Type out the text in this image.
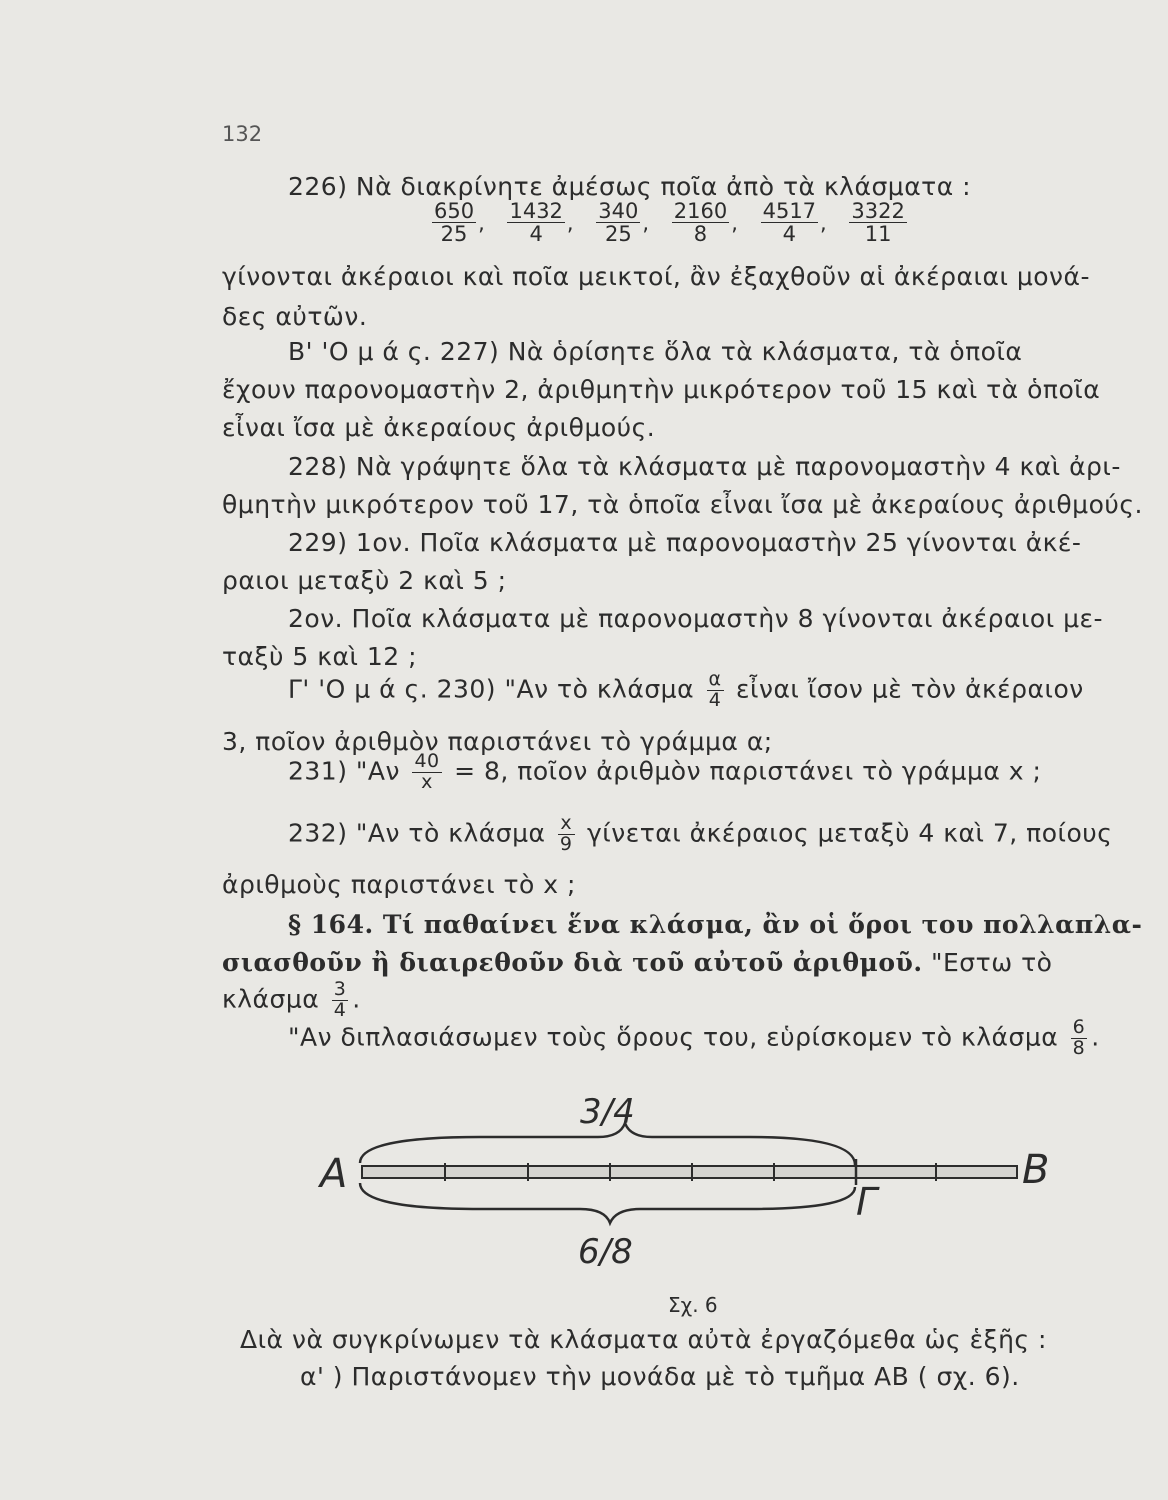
132
226) Νὰ διακρίνητε ἀμέσως ποῖα ἀπὸ τὰ κλάσματα :
$\frac{650}{25}$ , $\frac{1432}{4}$ , $\frac{340}{25}$ , $\frac{2160}{8}$ , $\frac{4517}{4}$ , $\frac{3322}{11}$
γίνονται ἀκέραιοι καὶ ποῖα μεικτοί, ἂν ἐξαχθοῦν αἱ ἀκέραιαι μονά-
δες αὐτῶν.
Β' 'Ο μ ά ς. 227) Νὰ ὁρίσητε ὅλα τὰ κλάσματα, τὰ ὁποῖα
ἔχουν παρονομαστὴν 2, ἀριθμητὴν μικρότερον τοῦ 15 καὶ τὰ ὁποῖα
εἶναι ἴσα μὲ ἀκεραίους ἀριθμούς.
228) Νὰ γράψητε ὅλα τὰ κλάσματα μὲ παρονομαστὴν 4 καὶ ἀρι-
θμητὴν μικρότερον τοῦ 17, τὰ ὁποῖα εἶναι ἴσα μὲ ἀκεραίους ἀριθμούς.
229) 1ον. Ποῖα κλάσματα μὲ παρονομαστὴν 25 γίνονται ἀκέ-
ραιοι μεταξὺ 2 καὶ 5 ;
2ον. Ποῖα κλάσματα μὲ παρονομαστὴν 8 γίνονται ἀκέραιοι με-
ταξὺ 5 καὶ 12 ;
Γ' 'Ο μ ά ς. 230) "Αν τὸ κλάσμα $\frac{\alpha}{4}$ εἶναι ἴσον μὲ τὸν ἀκέραιον
3, ποῖον ἀριθμὸν παριστάνει τὸ γράμμα α;
231) "$A\nu \frac{40}{x} = 8$, ποῖον ἀριθμὸν παριστάνει τὸ γράμμα x ;
232) "Αν τὸ κλάσμα $\frac{x}{9}$ γίνεται ἀκέραιος μεταξὺ 4 καὶ 7, ποίους
ἀριθμοὺς παριστάνει τὸ x ;
§ 164. Τί παθαίνει ἕνα κλάσμα, ἂν οἱ ὅροι του πολλαπλα-
σιασθοῦν ἢ διαιρεθοῦν διὰ τοῦ αὐτοῦ ἀριθμοῦ. "Εστω τὸ
κλάσμα $\frac{3}{4}$ .
"Αν διπλασιάσωμεν τοὺς ὅρους του, εὑρίσκομεν τὸ κλάσμα $\frac{6}{8}$ .
3/4
A	B
Γ
6/8
Σχ. 6
Διὰ νὰ συγκρίνωμεν τὰ κλάσματα αὐτὰ ἐργαζόμεθα ὡς ἑξῆς :
α' ) Παριστάνομεν τὴν μονάδα μὲ τὸ τμῆμα ΑΒ ( σχ. 6).
